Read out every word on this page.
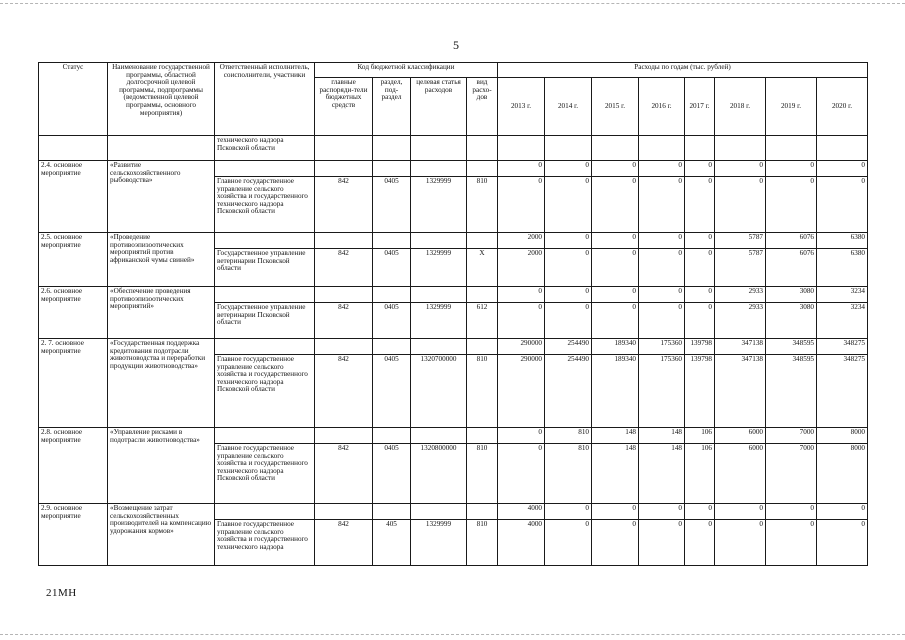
5
Статус	Наименование государственной программы, областной долгосрочной целевой программы, подпрограммы (ведомственной целевой программы, основного мероприятия)	Ответственный исполнитель, соисполнители, участники	Код бюджетной классификации				Расходы по годам (тыс. рублей)							
			главные распоряди-тели бюджетных средств	раздел, под-раздел	целевая статья расходов	вид расхо-дов	2013 г.	2014 г.	2015 г.	2016 г.	2017 г.	2018 г.	2019 г.	2020 г.
		технического надзора Псковской области												
2.4. основное мероприятие	«Развитие сельскохозяйственного рыбоводства»						0	0	0	0	0	0	0	0
		Главное государственное управление сельского хозяйства и государственного технического надзора Псковской области	842	0405	1329999	810	0	0	0	0	0	0	0	0
2.5. основное мероприятие	«Проведение противоэпизоотических мероприятий против африканской чумы свиней»						2000	0	0	0	0	5787	6076	6380
		Государственное управление ветеринарии Псковской области	842	0405	1329999	Х	2000	0	0	0	0	5787	6076	6380
2.6. основное мероприятие	«Обеспечение проведения противоэпизоотических мероприятий»						0	0	0	0	0	2933	3080	3234
		Государственное управление ветеринарии Псковской области	842	0405	1329999	612	0	0	0	0	0	2933	3080	3234
2. 7. основное мероприятие	«Государственная поддержка кредитования подотрасли животноводства и переработки продукции животноводства»						290000	254490	189340	175360	139798	347138	348595	348275
		Главное государственное управление сельского хозяйства и государственного технического надзора Псковской области	842	0405	1320700000	810	290000	254490	189340	175360	139798	347138	348595	348275
2.8. основное мероприятие	«Управление рисками в подотрасли животноводства»						0	810	148	148	106	6000	7000	8000
		Главное государственное управление сельского хозяйства и государственного технического надзора Псковской области	842	0405	1320800000	810	0	810	148	148	106	6000	7000	8000
2.9. основное мероприятие	«Возмещение затрат сельскохозяйственных производителей на компенсацию удорожания кормов»						4000	0	0	0	0	0	0	0
		Главное государственное управление сельского хозяйства и государственного технического надзора	842	405	1329999	810	4000	0	0	0	0	0	0	0
21МН
